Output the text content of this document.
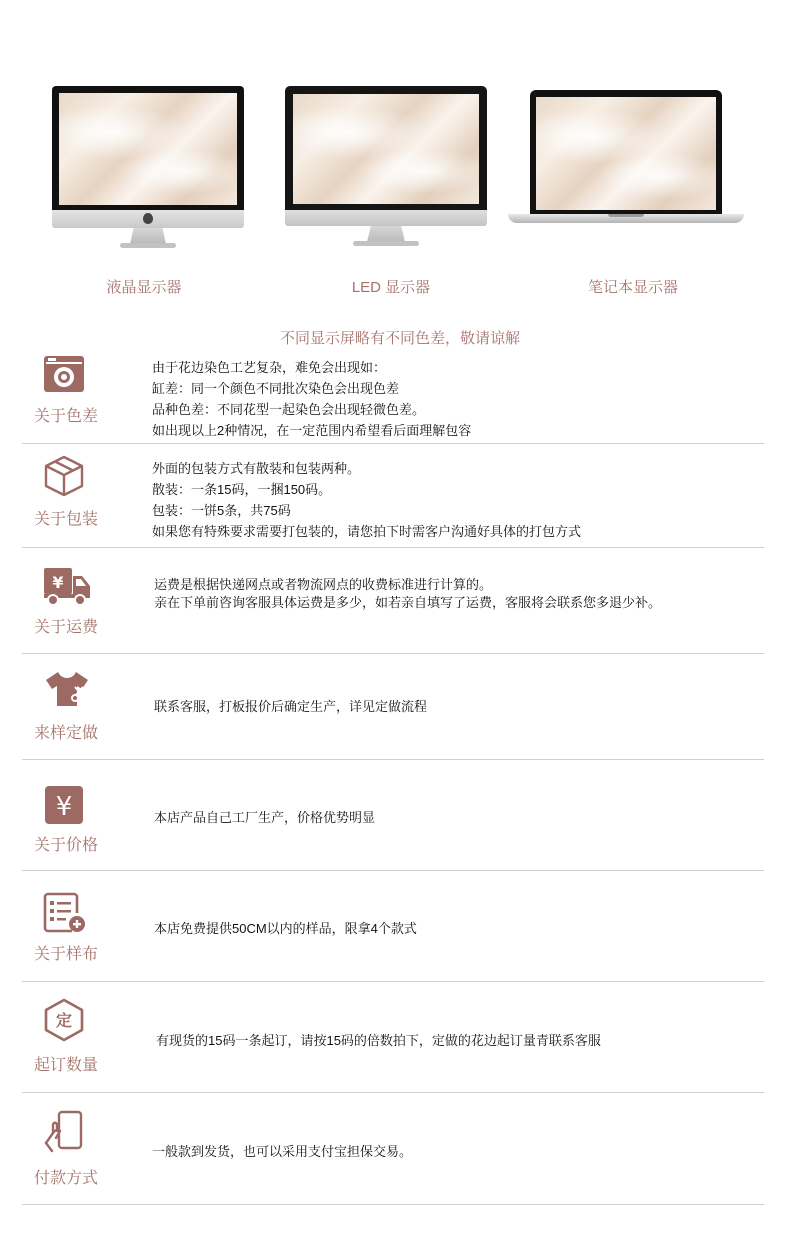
液晶显示器	LED 显示器	笔记本显示器
不同显示屏略有不同色差，敬请谅解
关于色差
由于花边染色工艺复杂，难免会出现如：
缸差：同一个颜色不同批次染色会出现色差
品种色差：不同花型一起染色会出现轻微色差。
如出现以上2种情况，在一定范围内希望看后面理解包容
关于包装
外面的包装方式有散装和包装两种。
散装：一条15码，一捆150码。
包装：一饼5条，共75码
如果您有特殊要求需要打包装的，请您拍下时需客户沟通好具体的打包方式
¥
关于运费
运费是根据快递网点或者物流网点的收费标准进行计算的。
亲在下单前咨询客服具体运费是多少，如若亲自填写了运费，客服将会联系您多退少补。
来样定做
联系客服，打板报价后确定生产，详见定做流程
¥
关于价格
本店产品自己工厂生产，价格优势明显
关于样布
本店免费提供50CM以内的样品，限拿4个款式
定
起订数量
有现货的15码一条起订，请按15码的倍数拍下，定做的花边起订量青联系客服
付款方式
一般款到发货，也可以采用支付宝担保交易。
